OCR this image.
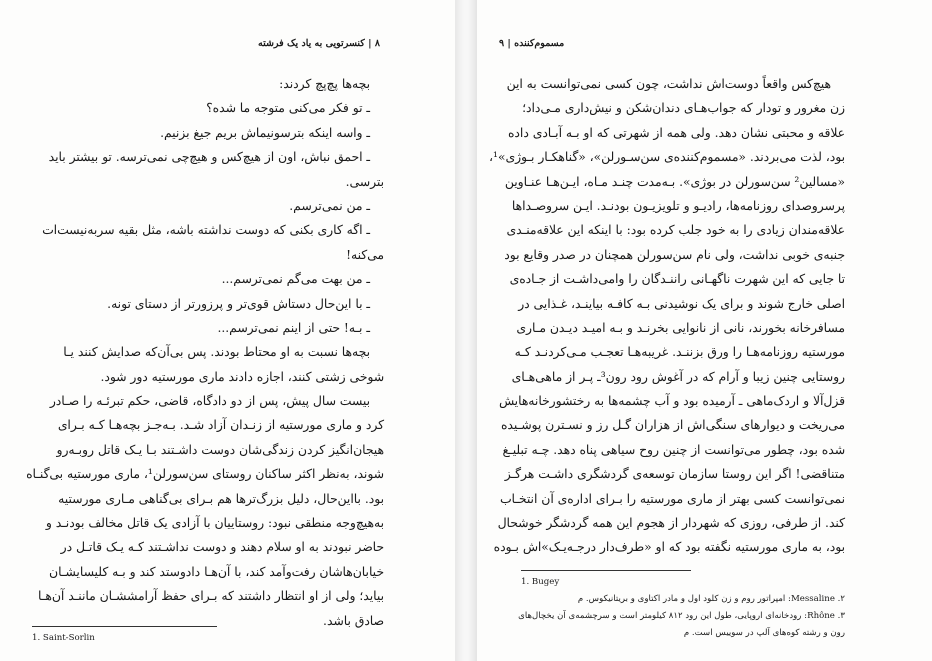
۸ | کنسرتویی به یاد یک فرشته
بچه‌ها پچ‌پچ کردند:
ـ تو فکر می‌کنی متوجه ما شده؟
ـ واسه اینکه بترسونیماش بریم جیغ بزنیم.
ـ احمق نباش، اون از هیچ‌کس و هیچ‌چی نمی‌ترسه. تو بیشتر باید
بترسی.
ـ من نمی‌ترسم.
ـ اگه کاری بکنی که دوست نداشته باشه، مثل بقیه سربه‌نیست‌ات
می‌کنه!
ـ من بهت می‌گم نمی‌ترسم...
ـ با این‌حال دستاش قوی‌تر و پرزورتر از دستای تونه.
ـ بـه! حتی از اینم نمی‌ترسم...
بچه‌ها نسبت به او محتاط بودند. پس بی‌آن‌که صدایش کنند یـا
شوخی زشتی کنند، اجازه دادند ماری مورستیه دور شود.
بیست سال پیش، پس از دو دادگاه، قاضی، حکم تبرئـه را صـادر
کرد و ماری مورستیه از زنـدان آزاد شـد. بـه‌جـز بچه‌هـا کـه بـرای
هیجان‌انگیز کردن زندگی‌شان دوست داشـتند بـا یـک قاتل روبـه‌رو
شوند، به‌نظر اکثر ساکنان روستای سن‌سورلن¹، ماری مورستیه بی‌گنـاه
بود. بااین‌حال، دلیل بزرگ‌ترها هم بـرای بی‌گناهی مـاری مورستیه
به‌هیچ‌وجه منطقی نبود: روستاییان با آزادی یک قاتل مخالف بودنـد و
حاضر نبودند به او سلام دهند و دوست نداشـتند کـه یـک قاتـل در
خیابان‌هاشان رفت‌وآمد کند، با آن‌هـا دادوستد کند و بـه کلیسایشـان
بیاید؛ ولی از او انتظار داشتند که بـرای حفظ آرامششـان ماننـد آن‌هـا
صادق باشد.
1. Saint-Sorlin
مسموم‌کننده | ۹
هیچ‌کس واقعاً دوست‌اش نداشت، چون کسی نمی‌توانست به این
زن مغرور و تودار که جواب‌هـای دندان‌شکن و نیش‌داری مـی‌داد؛
علاقه و محبتی نشان دهد. ولی همه از شهرتی که او بـه آبـادی داده
بود، لذت می‌بردند. «مسموم‌کننده‌ی سن‌سـورلن»، «گناهکـار بـوژی»¹،
«مسالین² سن‌سورلن در بوژی». بـه‌مدت چنـد مـاه، ایـن‌هـا عنـاوین
پرسروصدای روزنامه‌ها، رادیـو و تلویزیـون بودنـد. ایـن سروصـداها
علاقه‌مندان زیادی را به خود جلب کرده بود: با اینکه این علاقه‌منـدی
جنبه‌ی خوبی نداشت، ولی نام سن‌سورلن همچنان در صدر وقایع بود
تا جایی که این شهرت ناگهـانی راننـدگان را وامی‌داشـت از جـاده‌ی
اصلی خارج شوند و برای یک نوشیدنی بـه کافـه بیاینـد، غـذایی در
مسافرخانه بخورند، نانی از نانوایی بخرنـد و بـه امیـد دیـدن مـاری
مورستیه روزنامه‌هـا را ورق بزننـد. غریبه‌هـا تعجـب مـی‌کردنـد کـه
روستایی چنین زیبا و آرام که در آغوش رود رون³ـ پـر از ماهی‌هـای
قزل‌آلا و اردک‌ماهی ـ آرمیده بود و آب چشمه‌ها به رختشورخانه‌هایش
می‌ریخت و دیوارهای سنگی‌اش از هزاران گـل رز و نسـترن پوشـیده
شده بود، چطور می‌توانست از چنین روح سیاهی پناه دهد. چـه تبلیـغ
متناقضی! اگر این روستا سازمان توسعه‌ی گردشگری داشـت هرگـز
نمی‌توانست کسی بهتر از ماری مورستیه را بـرای اداره‌ی آن انتخـاب
کند. از طرفی، روزی که شهردار از هجوم این همه گردشگر خوشحال
بود، به ماری مورستیه نگفته بود که او «طرف‌دار درجـه‌یـک»اش بـوده
1. Bugey
۲. Messaline: امپراتور روم و زن کلود اول و مادر اکتاوی و بریتانیکوس. م
۳. Rhône: رودخانه‌ای اروپایی، طول این رود ۸۱۲ کیلومتر است و سرچشمه‌ی آن یخچال‌های
رون و رشته کوه‌های آلپ در سوییس است. م
